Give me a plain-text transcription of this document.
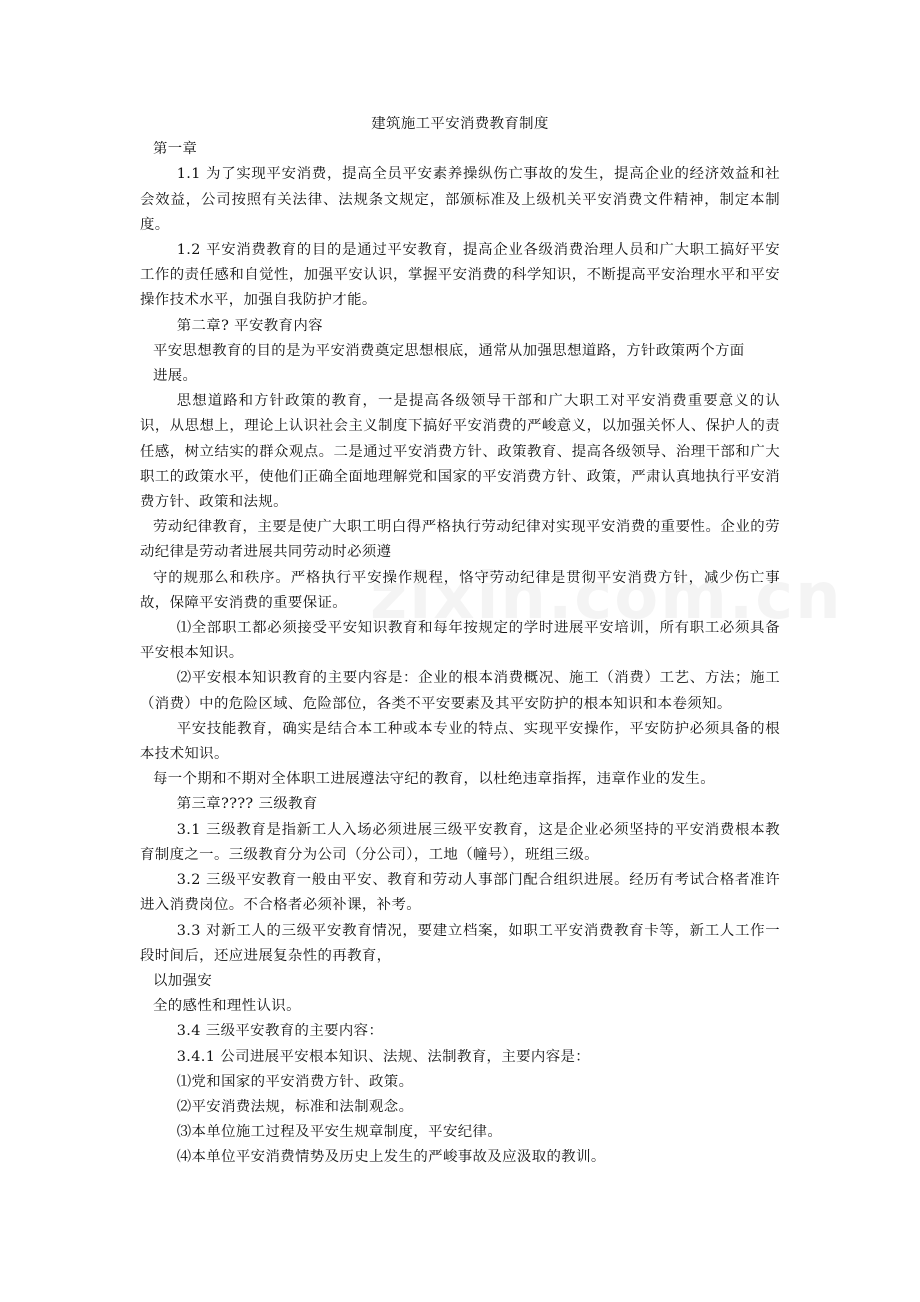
建筑施工平安消费教育制度

第一章

1.1 为了实现平安消费，提高全员平安素养操纵伤亡事故的发生，提高企业的经济效益和社会效益，公司按照有关法律、法规条文规定，部颁标准及上级机关平安消费文件精神，制定本制度。

1.2 平安消费教育的目的是通过平安教育，提高企业各级消费治理人员和广大职工搞好平安工作的责任感和自觉性，加强平安认识，掌握平安消费的科学知识，不断提高平安治理水平和平安操作技术水平，加强自我防护才能。

第二章? 平安教育内容

平安思想教育的目的是为平安消费奠定思想根底，通常从加强思想道路，方针政策两个方面

进展。

思想道路和方针政策的教育，一是提高各级领导干部和广大职工对平安消费重要意义的认识，从思想上，理论上认识社会主义制度下搞好平安消费的严峻意义，以加强关怀人、保护人的责任感，树立结实的群众观点。二是通过平安消费方针、政策教育、提高各级领导、治理干部和广大职工的政策水平，使他们正确全面地理解党和国家的平安消费方针、政策，严肃认真地执行平安消费方针、政策和法规。

劳动纪律教育，主要是使广大职工明白得严格执行劳动纪律对实现平安消费的重要性。企业的劳动纪律是劳动者进展共同劳动时必须遵

守的规那么和秩序。严格执行平安操作规程，恪守劳动纪律是贯彻平安消费方针，减少伤亡事故，保障平安消费的重要保证。

⑴全部职工都必须接受平安知识教育和每年按规定的学时进展平安培训，所有职工必须具备平安根本知识。

⑵平安根本知识教育的主要内容是：企业的根本消费概况、施工（消费）工艺、方法；施工（消费）中的危险区域、危险部位，各类不平安要素及其平安防护的根本知识和本卷须知。

平安技能教育，确实是结合本工种或本专业的特点、实现平安操作，平安防护必须具备的根本技术知识。

每一个期和不期对全体职工进展遵法守纪的教育，以杜绝违章指挥，违章作业的发生。

第三章???? 三级教育

3.1 三级教育是指新工人入场必须进展三级平安教育，这是企业必须坚持的平安消费根本教育制度之一。三级教育分为公司（分公司），工地（幢号），班组三级。

3.2 三级平安教育一般由平安、教育和劳动人事部门配合组织进展。经历有考试合格者准许进入消费岗位。不合格者必须补课，补考。

3.3 对新工人的三级平安教育情况，要建立档案，如职工平安消费教育卡等，新工人工作一段时间后，还应进展复杂性的再教育，

以加强安

全的感性和理性认识。

3.4 三级平安教育的主要内容：

3.4.1 公司进展平安根本知识、法规、法制教育，主要内容是：

⑴党和国家的平安消费方针、政策。

⑵平安消费法规，标准和法制观念。

⑶本单位施工过程及平安生规章制度，平安纪律。

⑷本单位平安消费情势及历史上发生的严峻事故及应汲取的教训。
